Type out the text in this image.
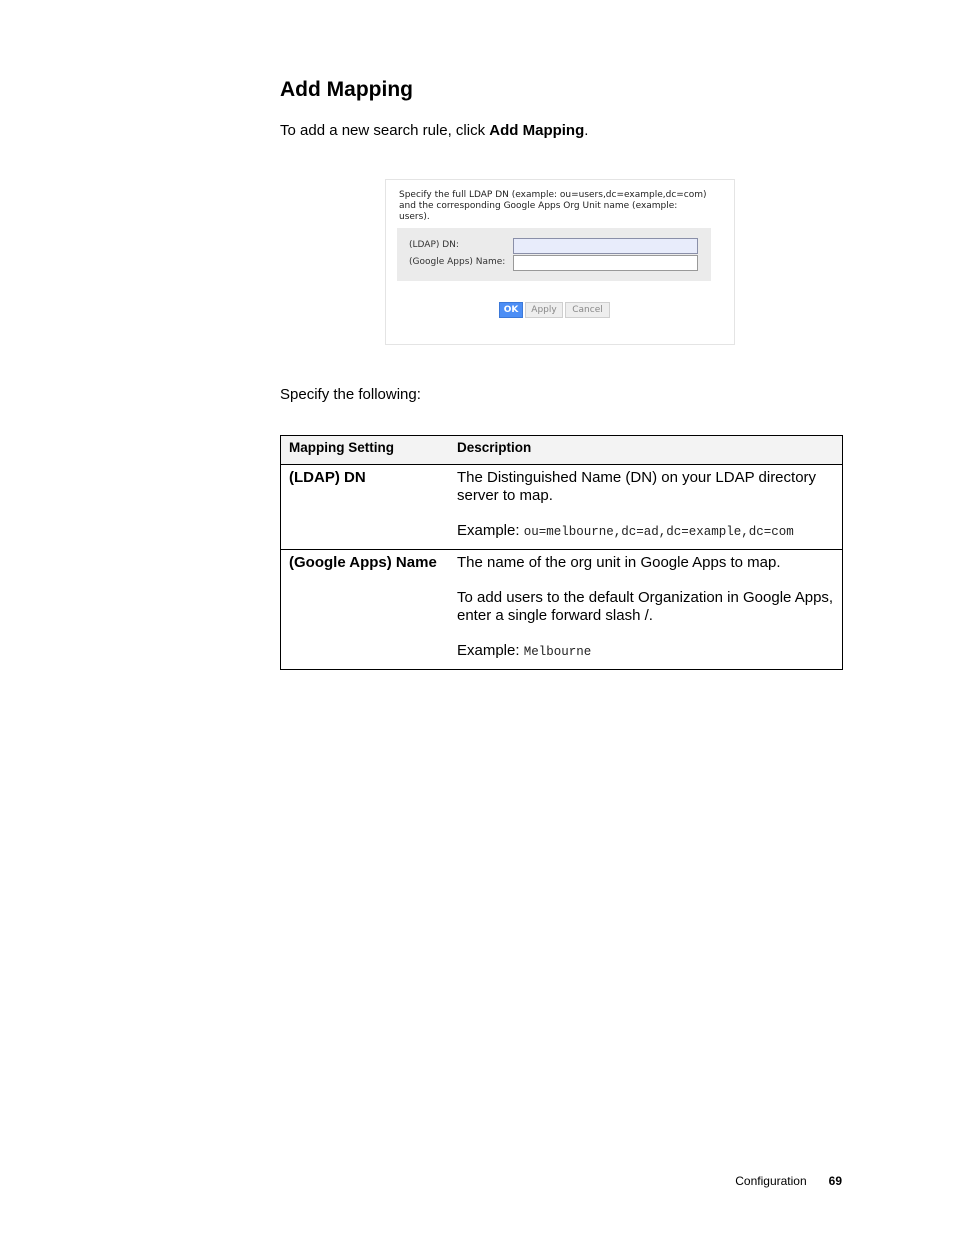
Add Mapping

To add a new search rule, click Add Mapping.

Specify the full LDAP DN (example: ou=users,dc=example,dc=com) and the corresponding Google Apps Org Unit name (example: users).
(LDAP) DN:
(Google Apps) Name:
OK	Apply	Cancel

Specify the following:

Mapping Setting	Description
(LDAP) DN	The Distinguished Name (DN) on your LDAP directory server to map.

Example: ou=melbourne,dc=ad,dc=example,dc=com

(Google Apps) Name	The name of the org unit in Google Apps to map.

To add users to the default Organization in Google Apps, enter a single forward slash /.

Example: Melbourne

Configuration 69
